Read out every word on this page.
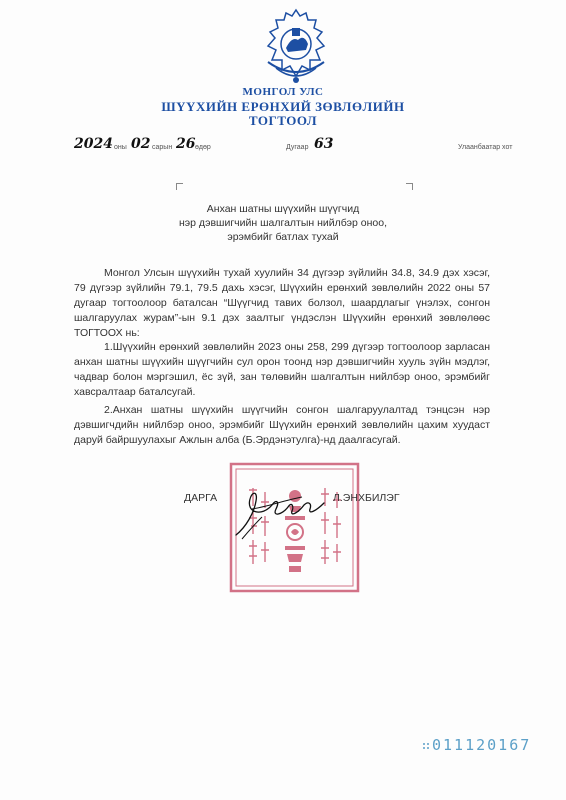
МОНГОЛ УЛС
ШҮҮХИЙН ЕРӨНХИЙ ЗӨВЛӨЛИЙН
ТОГТООЛ
2024 оны 02 сарын 26 өдөр	Дугаар 63	Улаанбаатар хот
Анхан шатны шүүхийн шүүгчид
нэр дэвшигчийн шалгалтын нийлбэр оноо,
эрэмбийг батлах тухай
Монгол Улсын шүүхийн тухай хуулийн 34 дүгээр зүйлийн 34.8, 34.9 дэх хэсэг, 79 дүгээр зүйлийн 79.1, 79.5 дахь хэсэг, Шүүхийн ерөнхий зөвлөлийн 2022 оны 57 дугаар тогтоолоор баталсан “Шүүгчид тавих болзол, шаардлагыг үнэлэх, сонгон шалгаруулах журам”-ын 9.1 дэх заалтыг үндэслэн Шүүхийн ерөнхий зөвлөлөөс ТОГТООХ нь:
1.Шүүхийн ерөнхий зөвлөлийн 2023 оны 258, 299 дүгээр тогтоолоор зарласан анхан шатны шүүхийн шүүгчийн сул орон тоонд нэр дэвшигчийн хууль зүйн мэдлэг, чадвар болон мэргэшил, ёс зүй, зан төлөвийн шалгалтын нийлбэр оноо, эрэмбийг хавсралтаар баталсугай.
2.Анхан шатны шүүхийн шүүгчийн сонгон шалгаруулалтад тэнцсэн нэр дэвшигчдийн нийлбэр оноо, эрэмбийг Шүүхийн ерөнхий зөвлөлийн цахим хуудаст даруй байршуулахыг Ажлын алба (Б.Эрдэнэтулга)-нд даалгасугай.
ДАРГА	Л.ЭНХБИЛЭГ
011120167
